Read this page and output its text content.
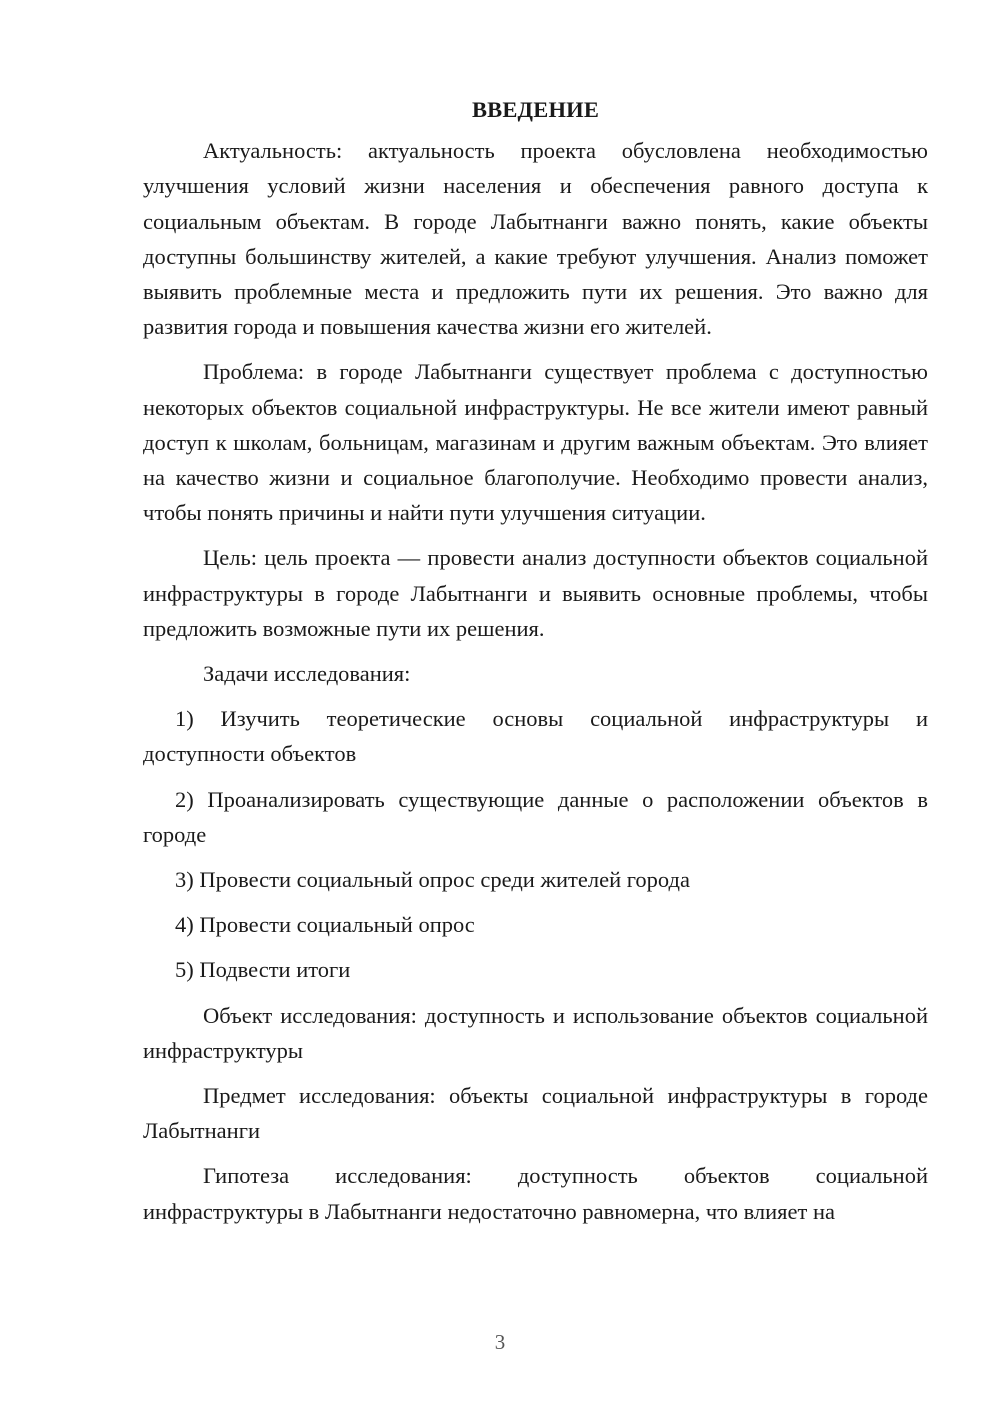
ВВЕДЕНИЕ

Актуальность: актуальность проекта обусловлена необходимостью улучшения условий жизни населения и обеспечения равного доступа к социальным объектам. В городе Лабытнанги важно понять, какие объекты доступны большинству жителей, а какие требуют улучшения. Анализ поможет выявить проблемные места и предложить пути их решения. Это важно для развития города и повышения качества жизни его жителей.

Проблема: в городе Лабытнанги существует проблема с доступностью некоторых объектов социальной инфраструктуры. Не все жители имеют равный доступ к школам, больницам, магазинам и другим важным объектам. Это влияет на качество жизни и социальное благополучие. Необходимо провести анализ, чтобы понять причины и найти пути улучшения ситуации.

Цель: цель проекта — провести анализ доступности объектов социальной инфраструктуры в городе Лабытнанги и выявить основные проблемы, чтобы предложить возможные пути их решения.

Задачи исследования:

1) Изучить теоретические основы социальной инфраструктуры и доступности объектов

2) Проанализировать существующие данные о расположении объектов в городе

3) Провести социальный опрос среди жителей города

4) Провести социальный опрос

5) Подвести итоги

Объект исследования: доступность и использование объектов социальной инфраструктуры

Предмет исследования: объекты социальной инфраструктуры в городе Лабытнанги

Гипотеза исследования: доступность объектов социальной инфраструктуры в Лабытнанги недостаточно равномерна, что влияет на

3
